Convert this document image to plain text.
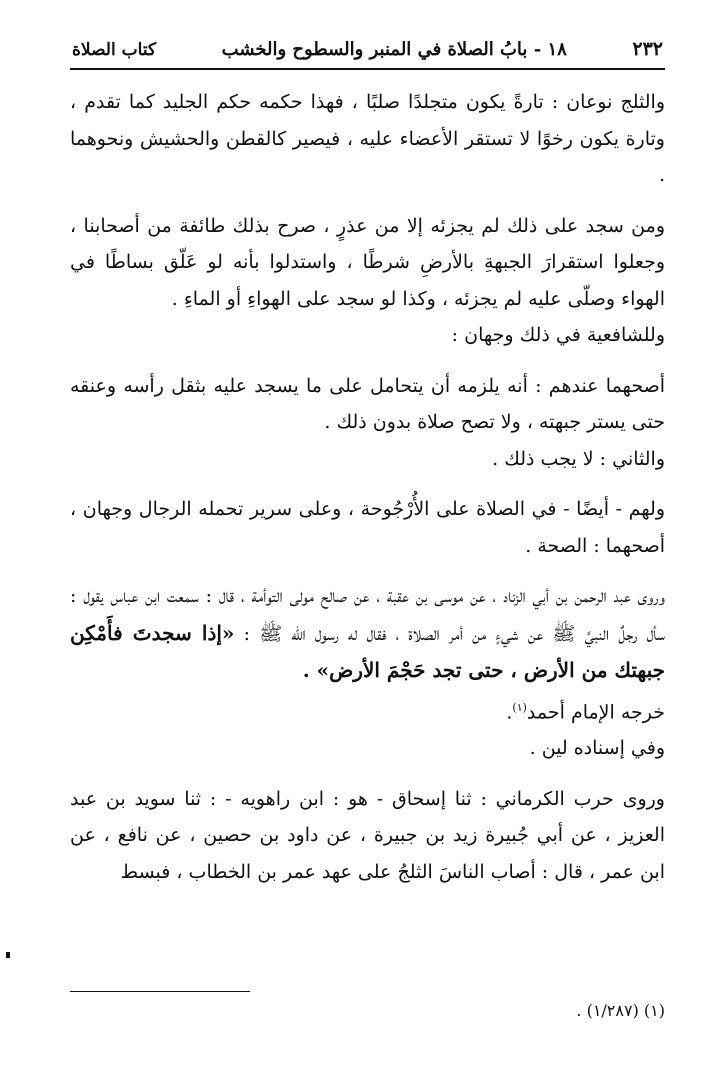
٢٣٢
١٨ - بابُ الصلاة في المنبر والسطوح والخشب
كتاب الصلاة

والثلج نوعان : تارةً يكون متجلدًا صلبًا ، فهذا حكمه حكم الجليد كما تقدم ، وتارة يكون رخوًا لا تستقر الأعضاء عليه ، فيصير كالقطن والحشيش ونحوهما .

ومن سجد على ذلك لم يجزئه إلا من عذرٍ ، صرح بذلك طائفة من أصحابنا ، وجعلوا استقرارَ الجبهةِ بالأرضِ شرطًا ، واستدلوا بأنه لو عَلّق بساطًا في الهواء وصلّى عليه لم يجزئه ، وكذا لو سجد على الهواءِ أو الماءِ .

وللشافعية في ذلك وجهان :

أصحهما عندهم : أنه يلزمه أن يتحامل على ما يسجد عليه بثقل رأسه وعنقه حتى يستر جبهته ، ولا تصح صلاة بدون ذلك .

والثاني : لا يجب ذلك .

ولهم - أيضًا - في الصلاة على الأُرْجُوحة ، وعلى سرير تحمله الرجال وجهان ، أصحهما : الصحة .

وروى عبد الرحمن بن أبي الزناد ، عن موسى بن عقبة ، عن صالح مولى التوأمة ، قال : سمعت ابن عباس يقول : سأل رجلٌ النبيَّ ﷺ عن شيءٍ من أمر الصلاة ، فقال له رسول الله ﷺ : «إذا سجدتَ فأَمْكِن جبهتك من الأرض ، حتى تجد حَجْمَ الأرض» .

خرجه الإمام أحمد$^{(١)}$.

وفي إسناده لين .

وروى حرب الكرماني : ثنا إسحاق - هو : ابن راهويه - : ثنا سويد بن عبد العزيز ، عن أبي جُبيرة زيد بن جبيرة ، عن داود بن حصين ، عن نافع ، عن ابن عمر ، قال : أصاب الناسَ الثلجُ على عهد عمر بن الخطاب ، فبسط

(١) (١/٢٨٧) .
